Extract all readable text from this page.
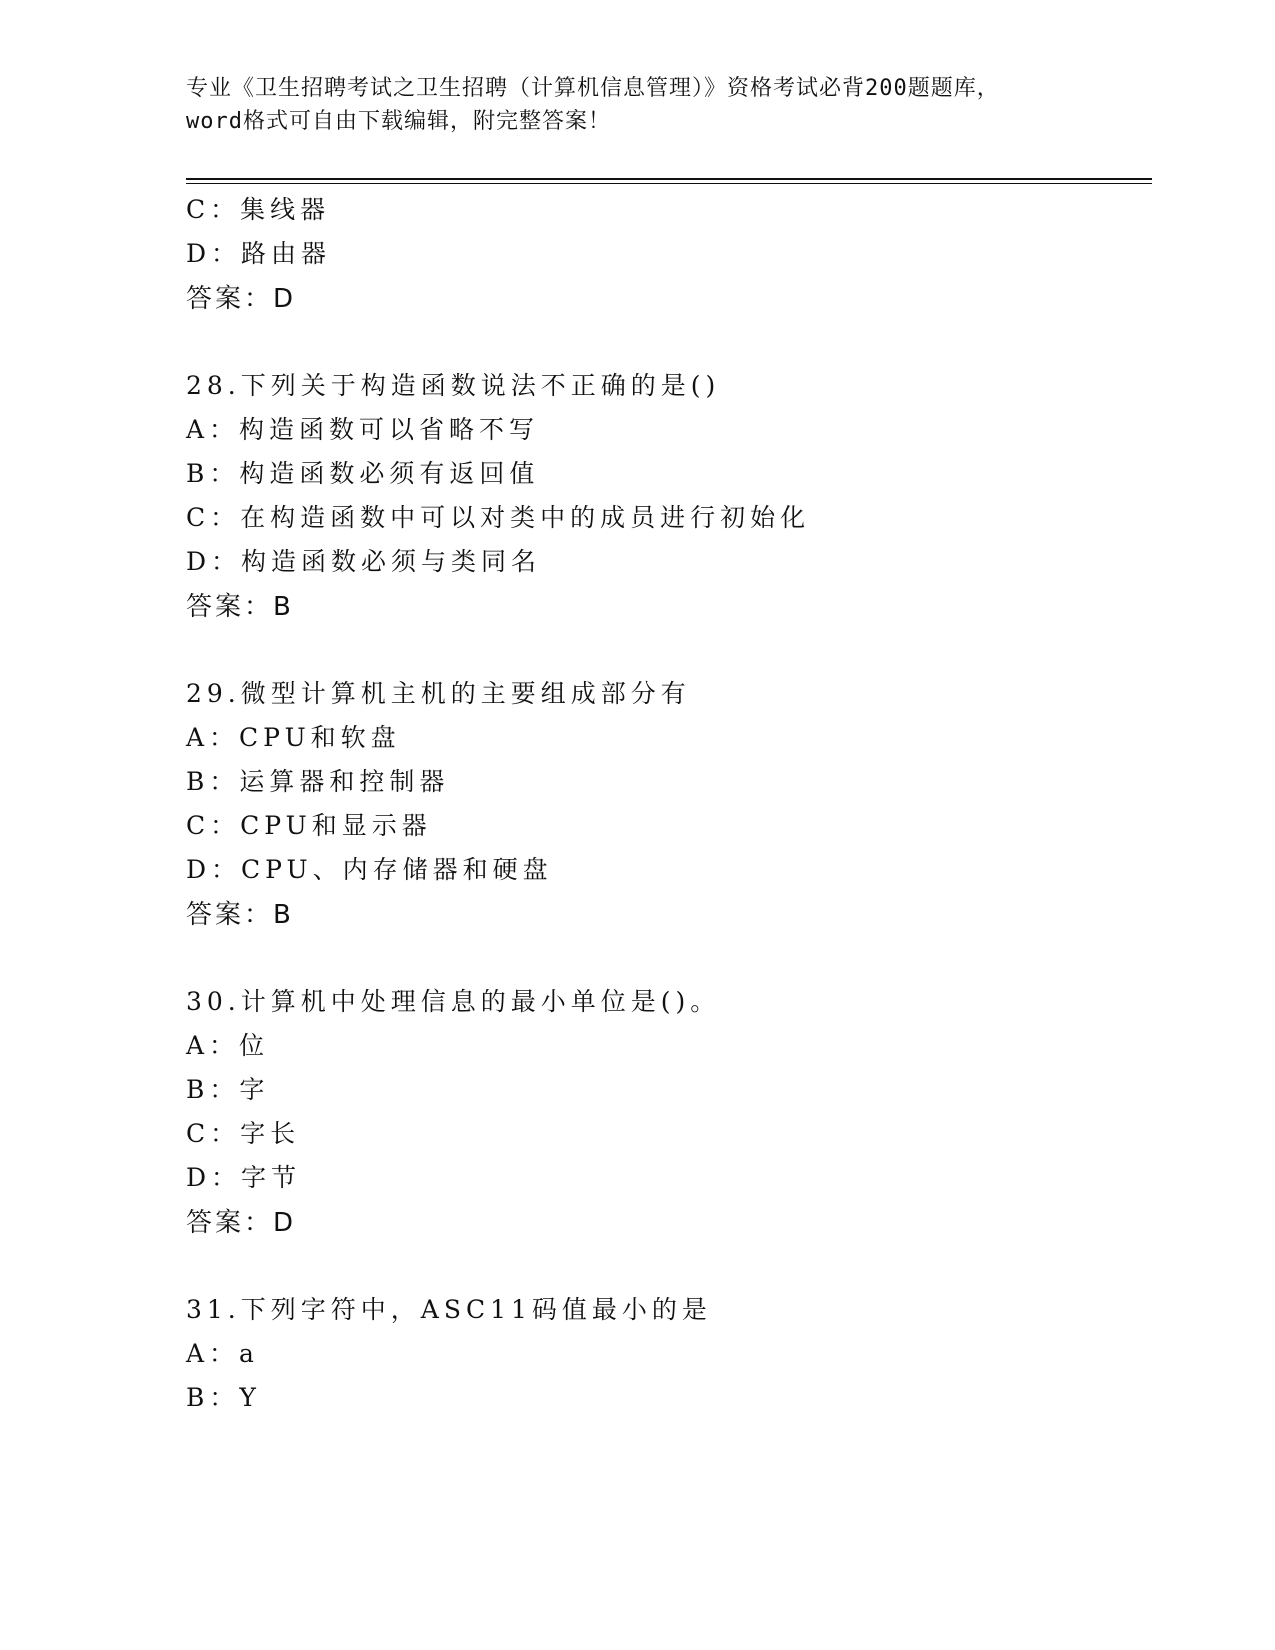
专业《卫生招聘考试之卫生招聘（计算机信息管理）》资格考试必背200题题库，
word格式可自由下载编辑，附完整答案！
C：集线器
D：路由器
答案：D
28.下列关于构造函数说法不正确的是()
A：构造函数可以省略不写
B：构造函数必须有返回值
C：在构造函数中可以对类中的成员进行初始化
D：构造函数必须与类同名
答案：B
29.微型计算机主机的主要组成部分有
A：CPU和软盘
B：运算器和控制器
C：CPU和显示器
D：CPU、内存储器和硬盘
答案：B
30.计算机中处理信息的最小单位是()。
A：位
B：字
C：字长
D：字节
答案：D
31.下列字符中，ASC11码值最小的是
A：a
B：Y
